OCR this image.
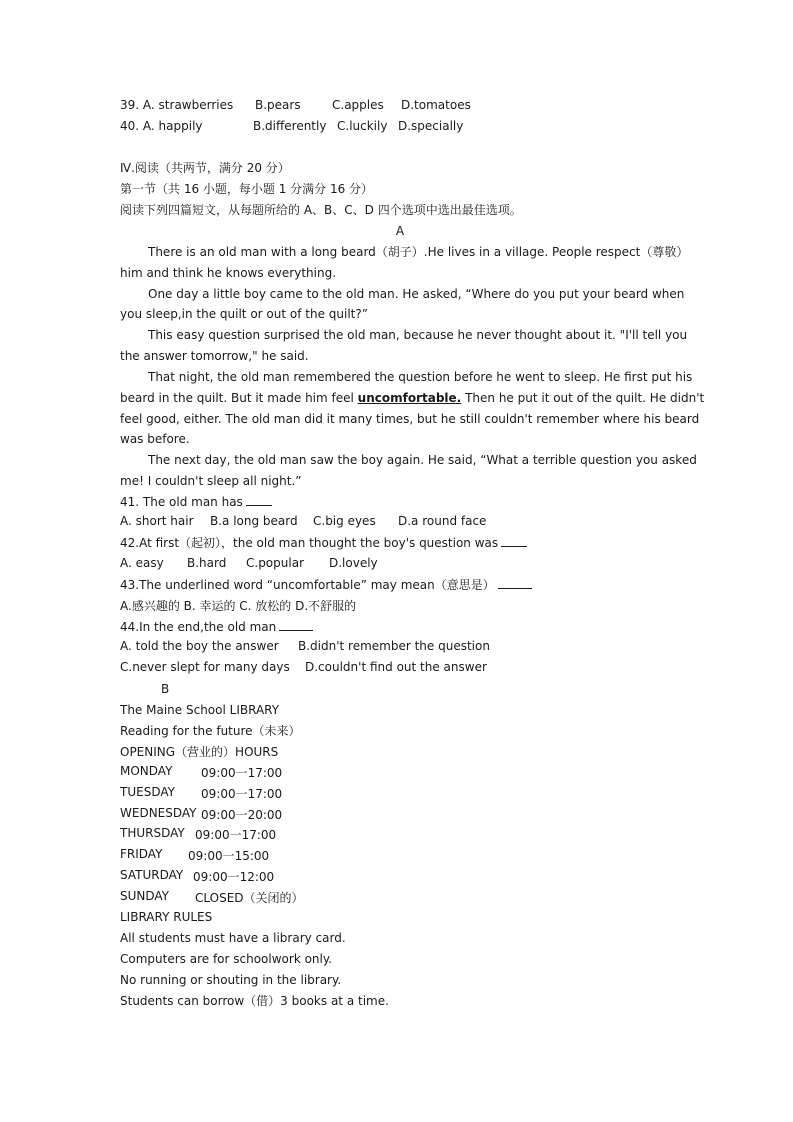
39. A. strawberries B.pears	C.apples D.tomatoes
40. A. happily	B.differently C.luckily D.specially
Ⅳ.阅读（共两节，满分 20 分）
第一节（共 16 小题，每小题 1 分满分 16 分）
阅读下列四篇短文，从每题所给的 A、B、C、D 四个选项中选出最佳选项。
A
There is an old man with a long beard（胡子）.He lives in a village. People respect（尊敬）
him and think he knows everything.
One day a little boy came to the old man. He asked, “Where do you put your beard when
you sleep,in the quilt or out of the quilt?”
This easy question surprised the old man, because he never thought about it. "I'll tell you
the answer tomorrow," he said.
That night, the old man remembered the question before he went to sleep. He first put his
beard in the quilt. But it made him feel uncomfortable. Then he put it out of the quilt. He didn't
feel good, either. The old man did it many times, but he still couldn't remember where his beard
was before.
The next day, the old man saw the boy again. He said, “What a terrible question you asked
me! I couldn't sleep all night.”
41. The old man has
A. short hair B.a long beard C.big eyes D.a round face
42.At first（起初），the old man thought the boy's question was
A. easy B.hard C.popular D.lovely
43.The underlined word “uncomfortable” may mean（意思是）
A.感兴趣的 B. 幸运的 C. 放松的 D.不舒服的
44.In the end,the old man
A. told the boy the answer B.didn't remember the question
C.never slept for many days D.couldn't find out the answer
B
The Maine School LIBRARY
Reading for the future（未来）
OPENING（营业的）HOURS
MONDAY 09:00一17:00
TUESDAY 09:00一17:00
WEDNESDAY 09:00一20:00
THURSDAY 09:00一17:00
FRIDAY 09:00一15:00
SATURDAY 09:00一12:00
SUNDAY CLOSED（关闭的）
LIBRARY RULES
All students must have a library card.
Computers are for schoolwork only.
No running or shouting in the library.
Students can borrow（借）3 books at a time.
